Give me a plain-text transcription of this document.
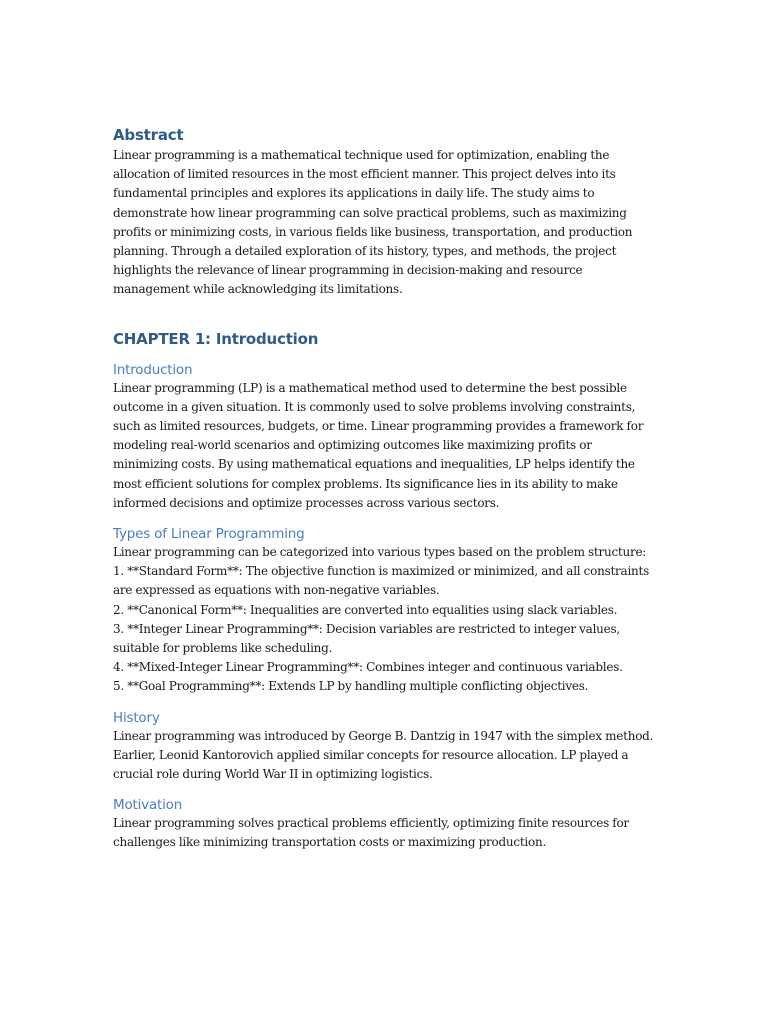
Abstract

Linear programming is a mathematical technique used for optimization, enabling the allocation of limited resources in the most efficient manner. This project delves into its fundamental principles and explores its applications in daily life. The study aims to demonstrate how linear programming can solve practical problems, such as maximizing profits or minimizing costs, in various fields like business, transportation, and production planning. Through a detailed exploration of its history, types, and methods, the project highlights the relevance of linear programming in decision-making and resource management while acknowledging its limitations.

CHAPTER 1: Introduction
Introduction

Linear programming (LP) is a mathematical method used to determine the best possible outcome in a given situation. It is commonly used to solve problems involving constraints, such as limited resources, budgets, or time. Linear programming provides a framework for modeling real-world scenarios and optimizing outcomes like maximizing profits or minimizing costs. By using mathematical equations and inequalities, LP helps identify the most efficient solutions for complex problems. Its significance lies in its ability to make informed decisions and optimize processes across various sectors.

Types of Linear Programming

Linear programming can be categorized into various types based on the problem structure:

1. **Standard Form**: The objective function is maximized or minimized, and all constraints are expressed as equations with non-negative variables.

2. **Canonical Form**: Inequalities are converted into equalities using slack variables.

3. **Integer Linear Programming**: Decision variables are restricted to integer values, suitable for problems like scheduling.

4. **Mixed-Integer Linear Programming**: Combines integer and continuous variables.

5. **Goal Programming**: Extends LP by handling multiple conflicting objectives.

History

Linear programming was introduced by George B. Dantzig in 1947 with the simplex method. Earlier, Leonid Kantorovich applied similar concepts for resource allocation. LP played a crucial role during World War II in optimizing logistics.

Motivation

Linear programming solves practical problems efficiently, optimizing finite resources for challenges like minimizing transportation costs or maximizing production.
